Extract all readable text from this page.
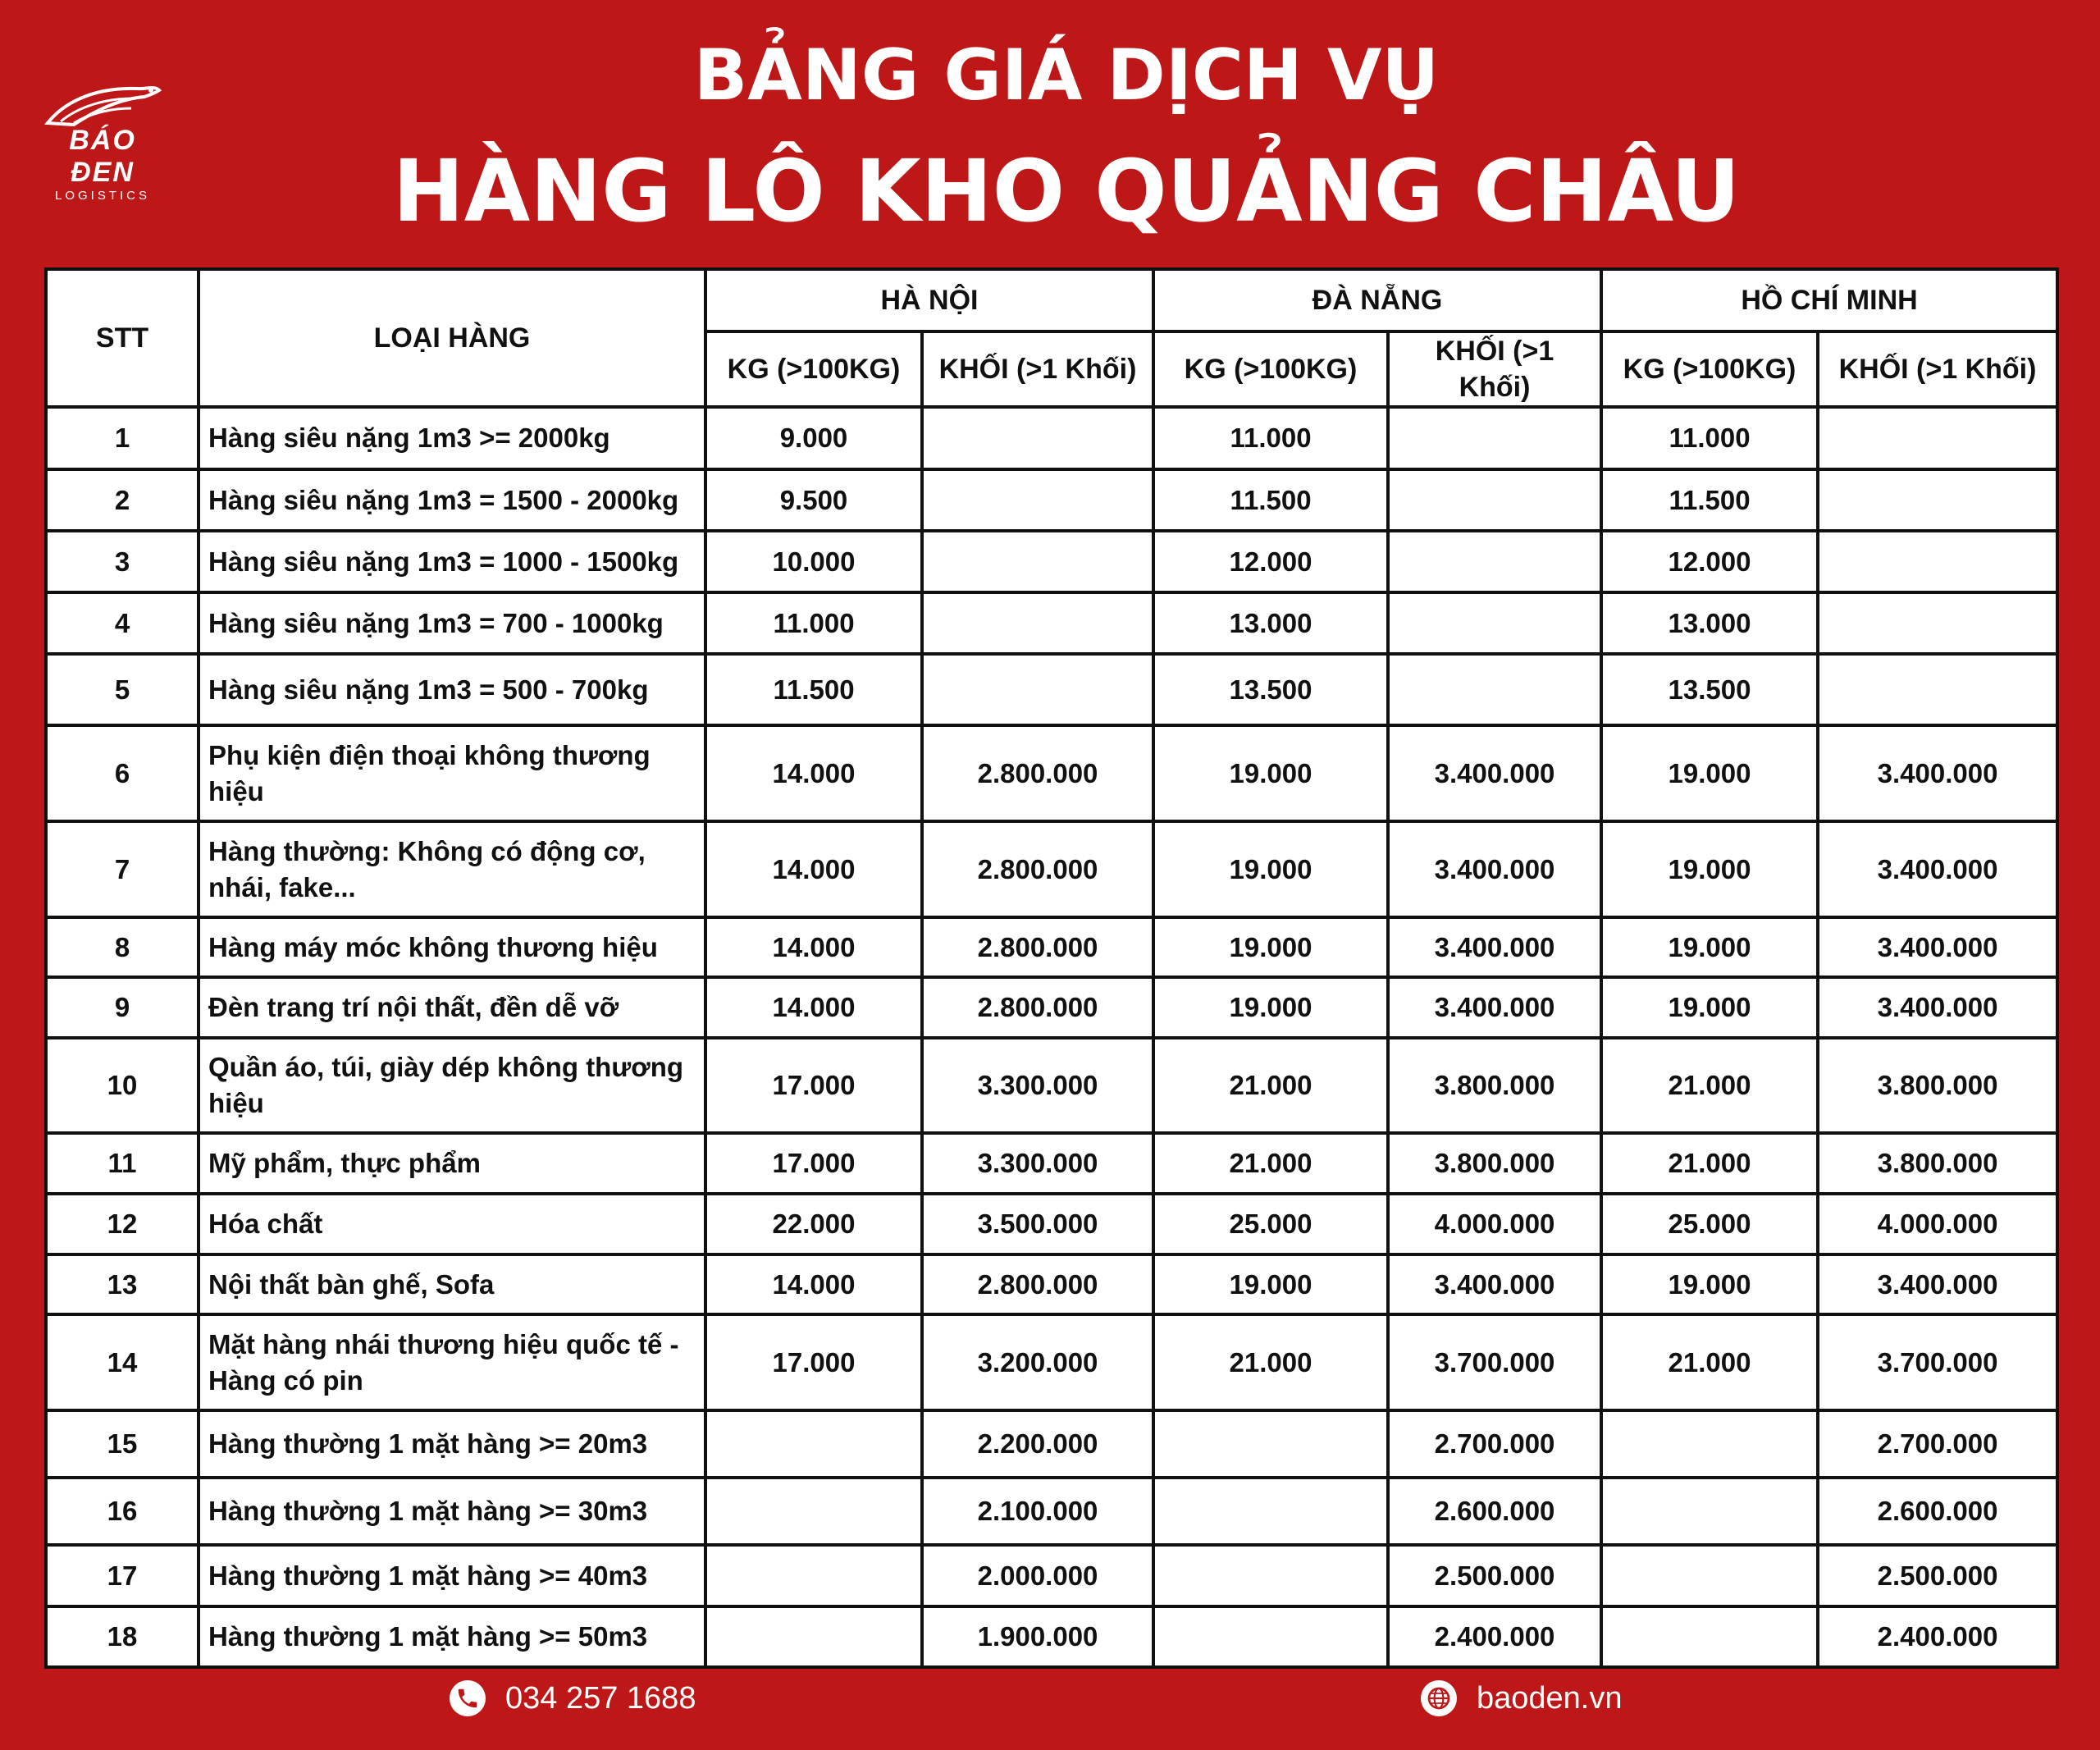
BÁO ĐEN
LOGISTICS
BẢNG GIÁ DỊCH VỤ
HÀNG LÔ KHO QUẢNG CHÂU
STT	LOẠI HÀNG	HÀ NỘI		ĐÀ NẴNG		HỒ CHÍ MINH	
		KG (>100KG)	KHỐI (>1 Khối)	KG (>100KG)	KHỐI (>1 Khối)	KG (>100KG)	KHỐI (>1 Khối)
1	Hàng siêu nặng 1m3 >= 2000kg	9.000		11.000		11.000	
2	Hàng siêu nặng 1m3 = 1500 - 2000kg	9.500		11.500		11.500	
3	Hàng siêu nặng 1m3 = 1000 - 1500kg	10.000		12.000		12.000	
4	Hàng siêu nặng 1m3 = 700 - 1000kg	11.000		13.000		13.000	
5	Hàng siêu nặng 1m3 = 500 - 700kg	11.500		13.500		13.500	
6	Phụ kiện điện thoại không thương hiệu	14.000	2.800.000	19.000	3.400.000	19.000	3.400.000
7	Hàng thường: Không có động cơ, nhái, fake...	14.000	2.800.000	19.000	3.400.000	19.000	3.400.000
8	Hàng máy móc không thương hiệu	14.000	2.800.000	19.000	3.400.000	19.000	3.400.000
9	Đèn trang trí nội thất, đền dễ vỡ	14.000	2.800.000	19.000	3.400.000	19.000	3.400.000
10	Quần áo, túi, giày dép không thương hiệu	17.000	3.300.000	21.000	3.800.000	21.000	3.800.000
11	Mỹ phẩm, thực phẩm	17.000	3.300.000	21.000	3.800.000	21.000	3.800.000
12	Hóa chất	22.000	3.500.000	25.000	4.000.000	25.000	4.000.000
13	Nội thất bàn ghế, Sofa	14.000	2.800.000	19.000	3.400.000	19.000	3.400.000
14	Mặt hàng nhái thương hiệu quốc tế - Hàng có pin	17.000	3.200.000	21.000	3.700.000	21.000	3.700.000
15	Hàng thường 1 mặt hàng >= 20m3		2.200.000		2.700.000		2.700.000
16	Hàng thường 1 mặt hàng >= 30m3		2.100.000		2.600.000		2.600.000
17	Hàng thường 1 mặt hàng >= 40m3		2.000.000		2.500.000		2.500.000
18	Hàng thường 1 mặt hàng >= 50m3		1.900.000		2.400.000		2.400.000
034 257 1688	baoden.vn
